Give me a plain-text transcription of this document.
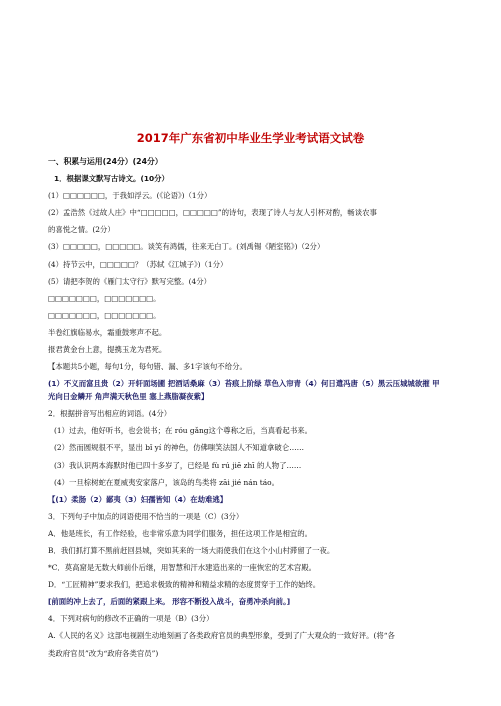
2017年广东省初中毕业生学业考试语文试卷
一、积累与运用(24分）(24分）
1．根据课文默写古诗文。(10分）
(1）□□□□□□，于我如浮云。(《论语》)（1分）
(2）孟浩然《过故人庄》中“□□□□□，□□□□□”的诗句，表现了诗人与友人引杯对酌，畅谈农事
的喜悦之情。(2分）
(3）□□□□□，□□□□□。谈笑有鸿儒，往来无白丁。(刘禹锡《陋室铭》)（2分）
(4）持节云中，□□□□□？（苏轼《江城子》)（1分）
(5）请把李贺的《雁门太守行》默写完整。(4分）
□□□□□□□，□□□□□□□。
□□□□□□□，□□□□□□□。
半卷红旗临易水，霜重鼓寒声不起。
报君黄金台上意，提携玉龙为君死。
【本题共5小题，每句1分，每句错、漏、多1字该句不给分。
(1）不义而富且贵（2）开轩面场圃 把酒话桑麻（3）苔痕上阶绿 草色入帘青（4）何日遣冯唐（5）黑云压城城欲摧 甲光向日金鳞开 角声满天秋色里 塞上燕脂凝夜紫】
2．根据拼音写出相应的词语。(4分）
(1）过去，他好听书，也会说书；在 róu gǎng这个尊称之后，当真看起书来。
(2）然而圆规很不平，显出 bǐ yí 的神色，仿佛嗤笑法国人不知道拿破仑……
(3）我认识两本海默时他已四十多岁了，已经是 fù rú jiē zhī 的人物了……
(4）一旦棕树蛇在夏威夷安家落户，该岛的鸟类将 zāi jié nán táo。
【(1）柔肠（2）鄙夷（3）妇孺皆知（4）在劫难逃】
3．下列句子中加点的词语使用不恰当的一项是（C）(3分）
A．他是班长，有工作经验，也非常乐意为同学们服务，担任这项工作是相宜的。
B．我们抓打算不黑前赶回县城，突如其来的一场大雨使我们在这个小山村滞留了一夜。
*C．莫高窟是无数大师前仆后继，用智慧和汗水建造出来的一座恢宏的艺术宫殿。
D．“工匠精神”要求我们，把追求极致的精神和精益求精的态度贯穿于工作的始终。
[前面的冲上去了，后面的紧跟上来。 形容不断投入战斗，奋勇冲杀向前。]
4．下列对病句的修改不正确的一项是（B）(3分）
A.《人民的名义》这部电视剧生动地刻画了各类政府官员的典型形象，受到了广大观众的一致好评。(将“各
类政府官员”改为“政府各类官员”)
